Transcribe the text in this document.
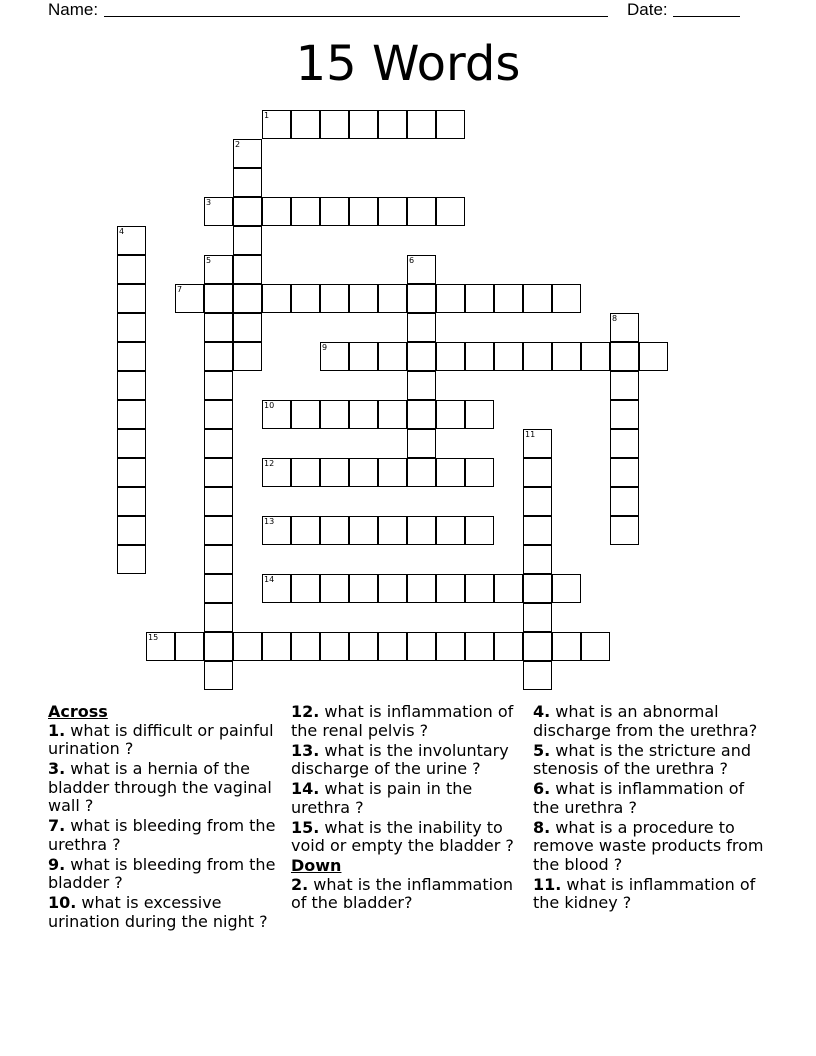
Name:	Date:
15 Words
1
2
3
4
5	6
7
8
9
10
11
12
13
14
15
Across
1. what is difficult or painful urination ?
3. what is a hernia of the bladder through the vaginal wall ?
7. what is bleeding from the urethra ?
9. what is bleeding from the bladder ?
10. what is excessive urination during the night ?
12. what is inflammation of the renal pelvis ?
13. what is the involuntary discharge of the urine ?
14. what is pain in the urethra ?
15. what is the inability to void or empty the bladder ?
Down
2. what is the inflammation of the bladder?
4. what is an abnormal discharge from the urethra?
5. what is the stricture and stenosis of the urethra ?
6. what is inflammation of the urethra ?
8. what is a procedure to remove waste products from the blood ?
11. what is inflammation of the kidney ?
